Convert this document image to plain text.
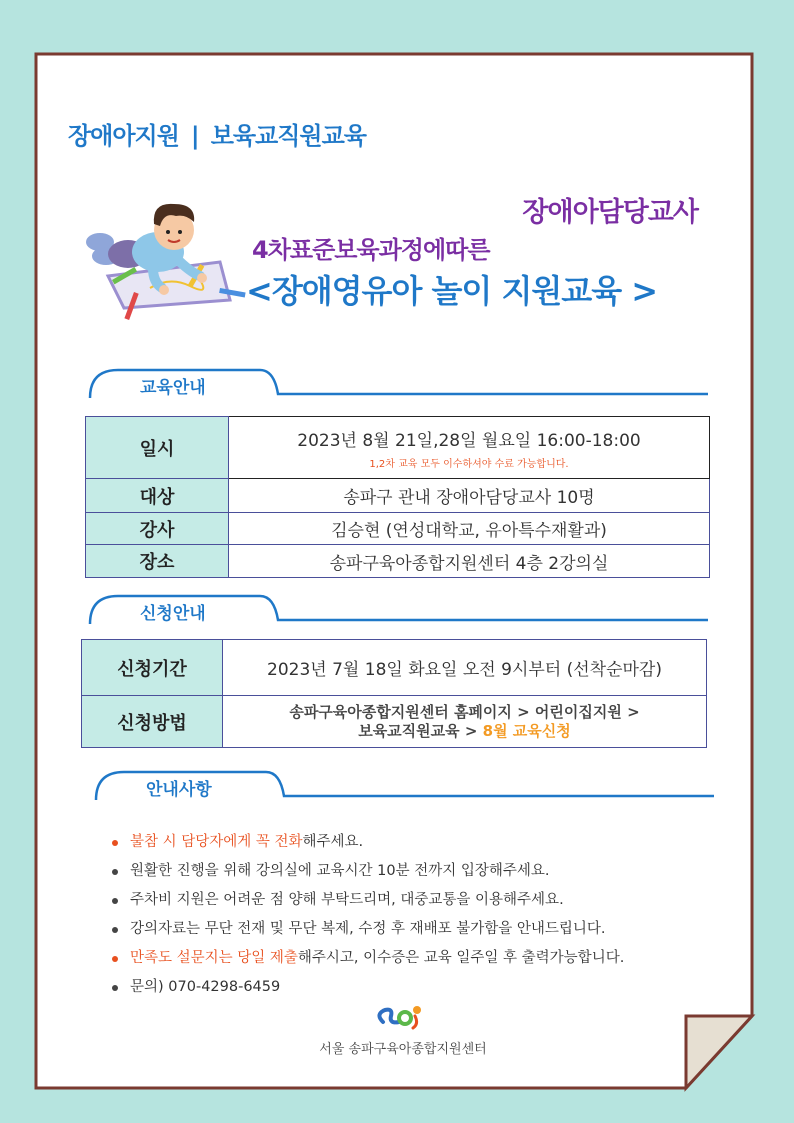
장애아지원 | 보육교직원교육
장애아담당교사
4차표준보육과정에따른
<장애영유아 놀이 지원교육 >
교육안내
일시	2023년 8월 21일,28일 월요일 16:00-18:00
1,2차 교육 모두 이수하셔야 수료 가능합니다.

대상	송파구 관내 장애아담당교사 10명
강사	김승현 (연성대학교, 유아특수재활과)
장소	송파구육아종합지원센터 4층 2강의실
신청안내
신청기간	2023년 7월 18일 화요일 오전 9시부터 (선착순마감)
신청방법	송파구육아종합지원센터 홈페이지 > 어린이집지원 >
보육교직원교육 > 8월 교육신청
안내사항
불참 시 담당자에게 꼭 전화해주세요.
원활한 진행을 위해 강의실에 교육시간 10분 전까지 입장해주세요.
주차비 지원은 어려운 점 양해 부탁드리며, 대중교통을 이용해주세요.
강의자료는 무단 전재 및 무단 복제, 수정 후 재배포 불가함을 안내드립니다.
만족도 설문지는 당일 제출해주시고, 이수증은 교육 일주일 후 출력가능합니다.
문의) 070-4298-6459
서울 송파구육아종합지원센터
